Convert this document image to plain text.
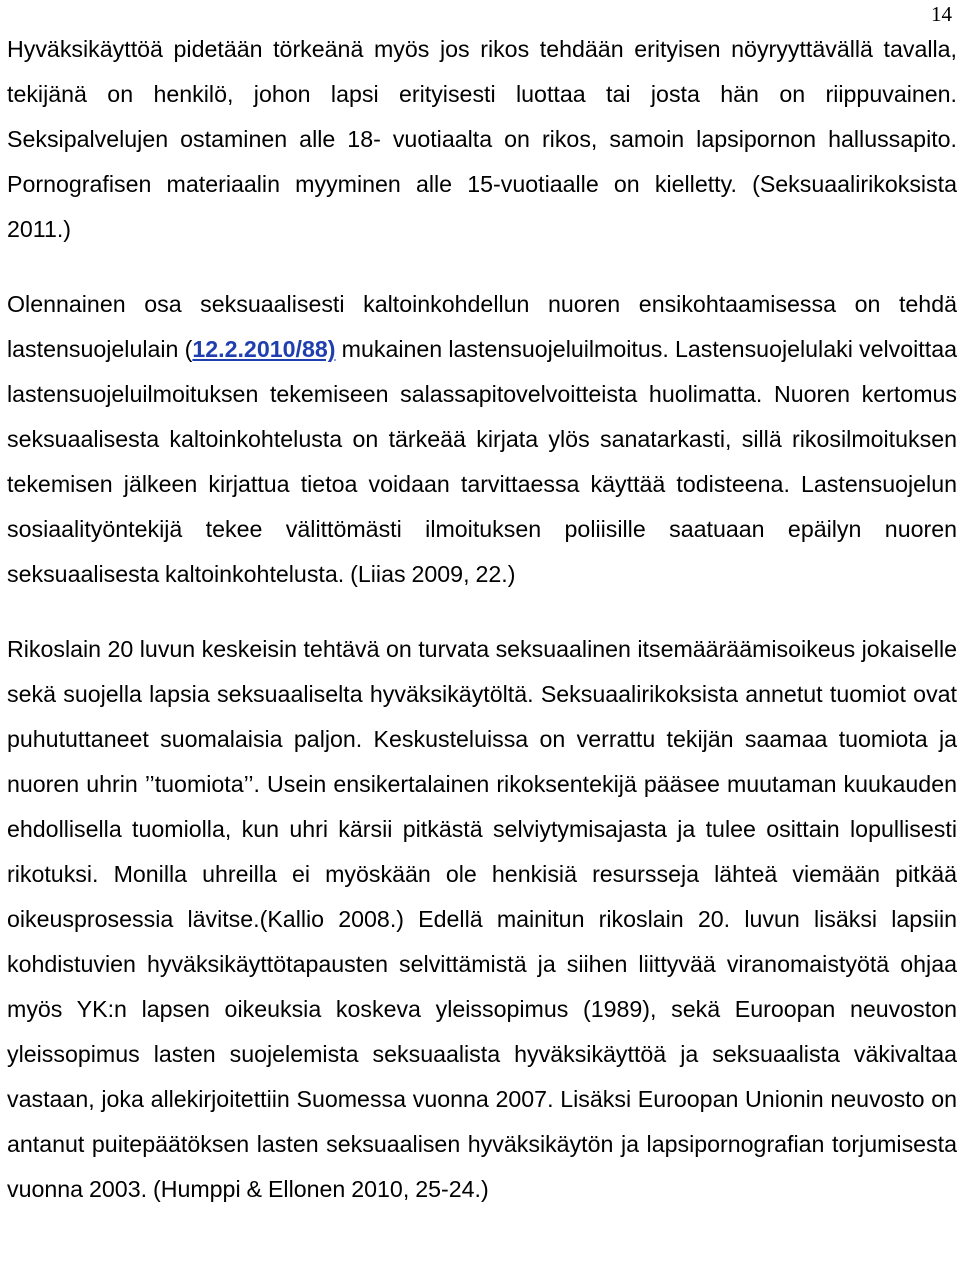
14

Hyväksikäyttöä pidetään törkeänä myös jos rikos tehdään erityisen nöyryyttävällä tavalla, tekijänä on henkilö, johon lapsi erityisesti luottaa tai josta hän on riippuvainen. Seksipalvelujen ostaminen alle 18- vuotiaalta on rikos, samoin lapsipornon hallussapito. Pornografisen materiaalin myyminen alle 15-vuotiaalle on kielletty. (Seksuaalirikoksista 2011.)

Olennainen osa seksuaalisesti kaltoinkohdellun nuoren ensikohtaamisessa on tehdä lastensuojelulain (12.2.2010/88) mukainen lastensuojeluilmoitus. Lastensuojelulaki velvoittaa lastensuojeluilmoituksen tekemiseen salassapitovelvoitteista huolimatta. Nuoren kertomus seksuaalisesta kaltoinkohtelusta on tärkeää kirjata ylös sanatarkasti, sillä rikosilmoituksen tekemisen jälkeen kirjattua tietoa voidaan tarvittaessa käyttää todisteena. Lastensuojelun sosiaalityöntekijä tekee välittömästi ilmoituksen poliisille saatuaan epäilyn nuoren seksuaalisesta kaltoinkohtelusta. (Liias 2009, 22.)

Rikoslain 20 luvun keskeisin tehtävä on turvata seksuaalinen itsemääräämisoikeus jokaiselle sekä suojella lapsia seksuaaliselta hyväksikäytöltä. Seksuaalirikoksista annetut tuomiot ovat puhututtaneet suomalaisia paljon. Keskusteluissa on verrattu tekijän saamaa tuomiota ja nuoren uhrin ’’tuomiota’’. Usein ensikertalainen rikoksentekijä pääsee muutaman kuukauden ehdollisella tuomiolla, kun uhri kärsii pitkästä selviytymisajasta ja tulee osittain lopullisesti rikotuksi. Monilla uhreilla ei myöskään ole henkisiä resursseja lähteä viemään pitkää oikeusprosessia lävitse.(Kallio 2008.) Edellä mainitun rikoslain 20. luvun lisäksi lapsiin kohdistuvien hyväksikäyttötapausten selvittämistä ja siihen liittyvää viranomaistyötä ohjaa myös YK:n lapsen oikeuksia koskeva yleissopimus (1989), sekä Euroopan neuvoston yleissopimus lasten suojelemista seksuaalista hyväksikäyttöä ja seksuaalista väkivaltaa vastaan, joka allekirjoitettiin Suomessa vuonna 2007. Lisäksi Euroopan Unionin neuvosto on antanut puitepäätöksen lasten seksuaalisen hyväksikäytön ja lapsipornografian torjumisesta vuonna 2003. (Humppi & Ellonen 2010, 25-24.)
